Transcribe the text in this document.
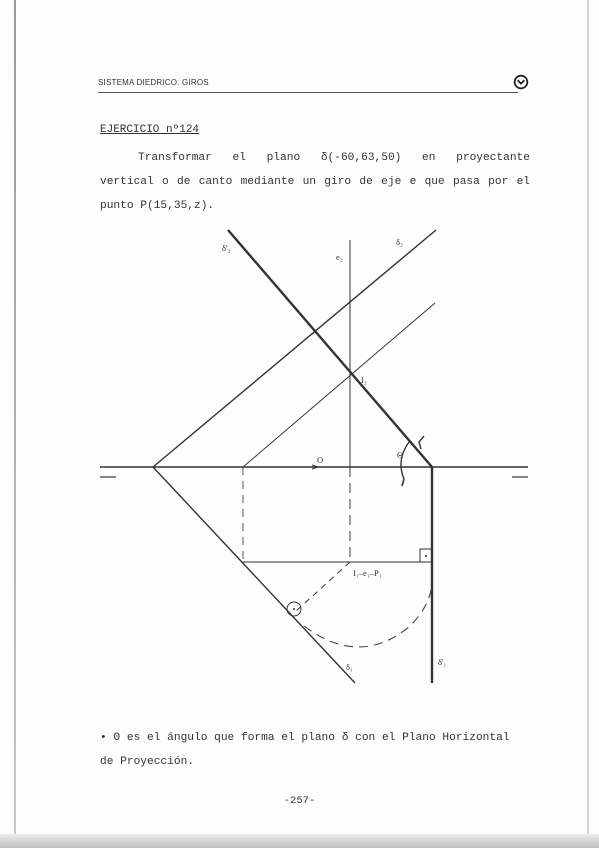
SISTEMA DIEDRICO. GIROS
EJERCICIO nº124

Transformar el plano δ(-60,63,50) en proyectante

vertical o de canto mediante un giro de eje e que pasa por el

punto P(15,35,z).

δ'₂
δ₂
e₂
I₂
Θ
O
I₁–e₁–P₁
δ₁	δ'₁
• Θ es el ángulo que forma el plano δ con el Plano Horizontal
de Proyección.
-257-
